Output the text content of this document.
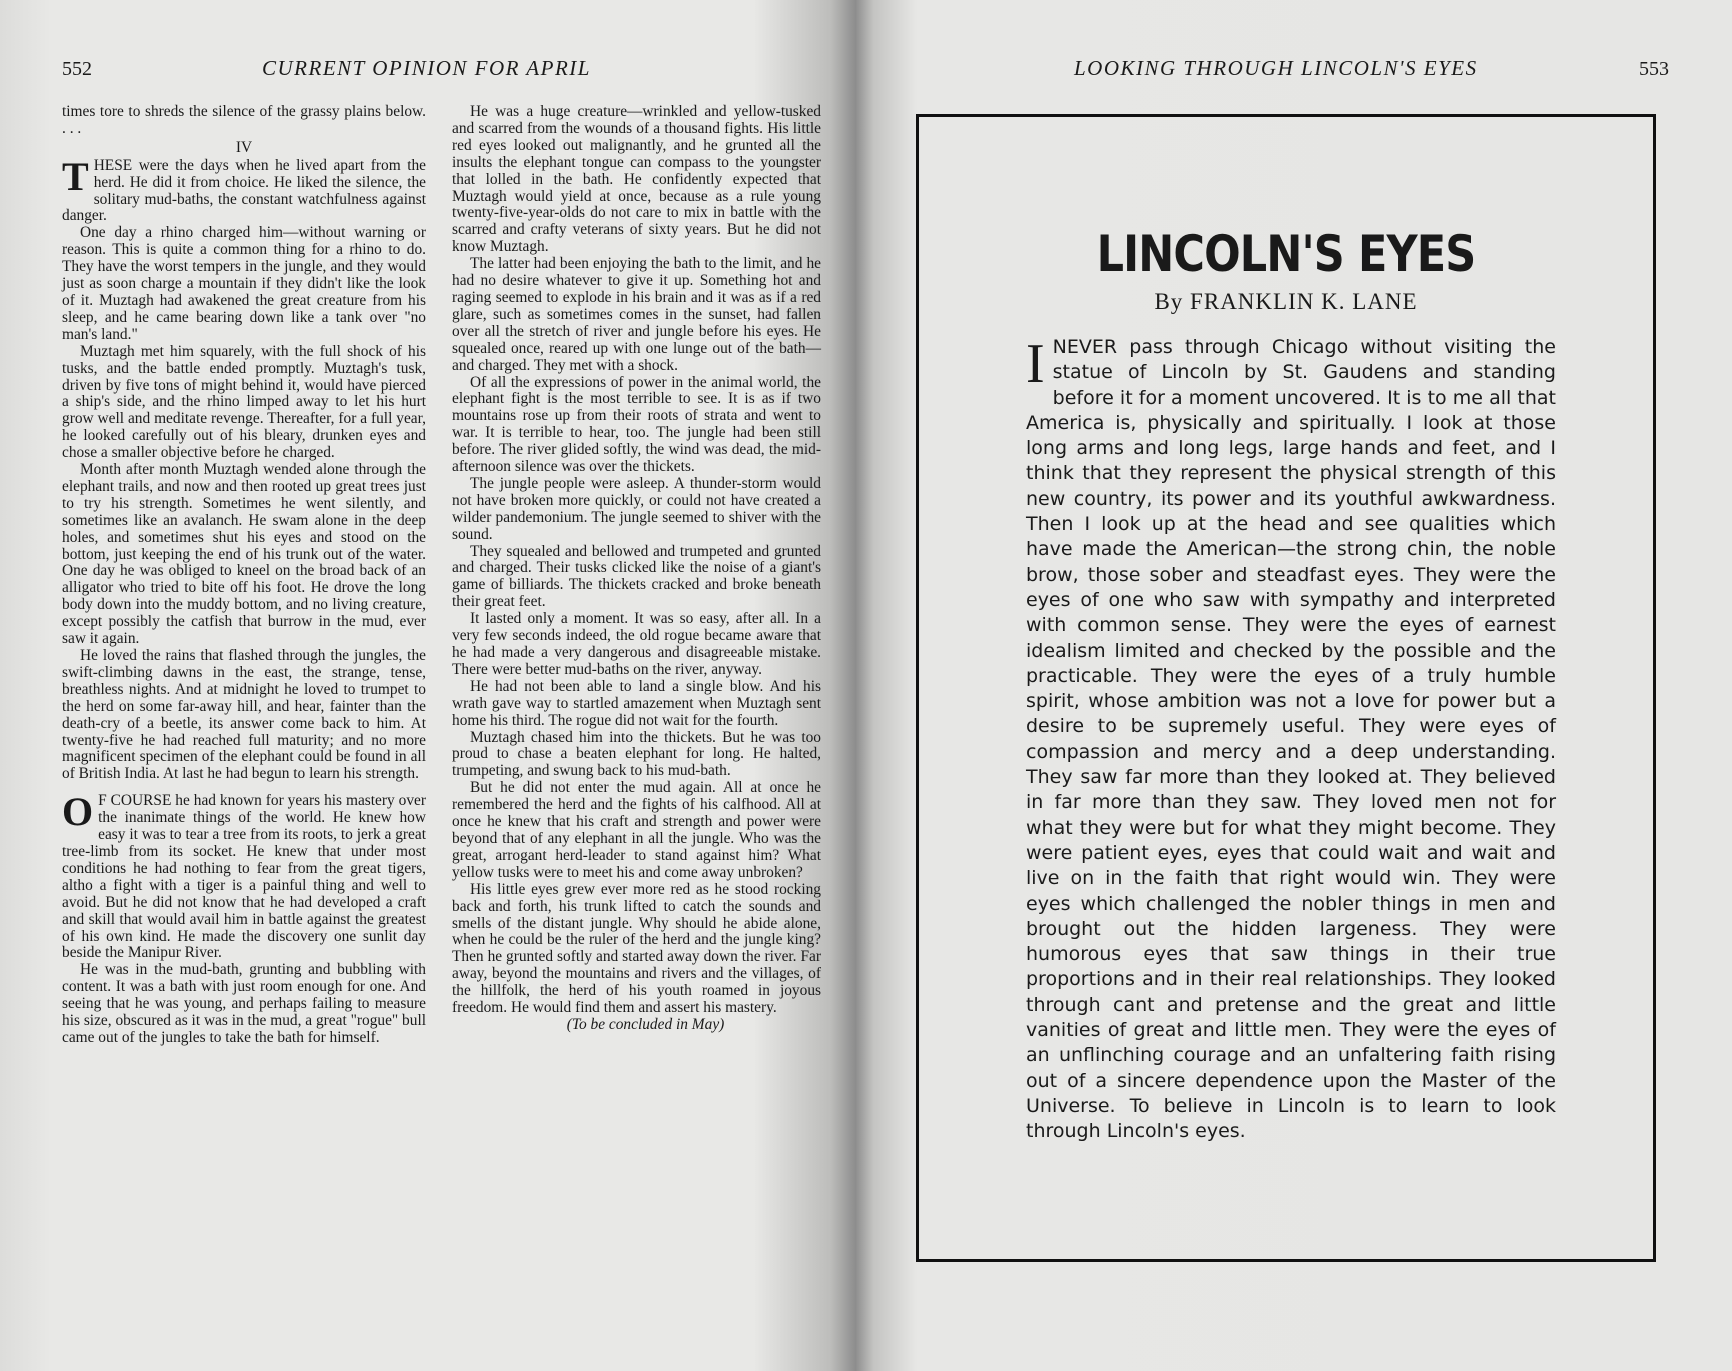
552	CURRENT OPINION FOR APRIL

times tore to shreds the silence of the grassy plains below. . . .

IV

THESE were the days when he lived apart from the herd. He did it from choice. He liked the silence, the solitary mud-baths, the constant watchfulness against danger.

One day a rhino charged him—without warning or reason. This is quite a common thing for a rhino to do. They have the worst tempers in the jungle, and they would just as soon charge a mountain if they didn't like the look of it. Muztagh had awakened the great creature from his sleep, and he came bearing down like a tank over "no man's land."

Muztagh met him squarely, with the full shock of his tusks, and the battle ended promptly. Muztagh's tusk, driven by five tons of might behind it, would have pierced a ship's side, and the rhino limped away to let his hurt grow well and meditate revenge. Thereafter, for a full year, he looked carefully out of his bleary, drunken eyes and chose a smaller objective before he charged.

Month after month Muztagh wended alone through the elephant trails, and now and then rooted up great trees just to try his strength. Sometimes he went silently, and sometimes like an avalanch. He swam alone in the deep holes, and sometimes shut his eyes and stood on the bottom, just keeping the end of his trunk out of the water. One day he was obliged to kneel on the broad back of an alligator who tried to bite off his foot. He drove the long body down into the muddy bottom, and no living creature, except possibly the catfish that burrow in the mud, ever saw it again.

He loved the rains that flashed through the jungles, the swift-climbing dawns in the east, the strange, tense, breathless nights. And at midnight he loved to trumpet to the herd on some far-away hill, and hear, fainter than the death-cry of a beetle, its answer come back to him. At twenty-five he had reached full maturity; and no more magnificent specimen of the elephant could be found in all of British India. At last he had begun to learn his strength.

O F COURSE he had known for years his mastery over the inanimate things of the world. He knew how easy it was to tear a tree from its roots, to jerk a great tree-limb from its socket. He knew that under most conditions he had nothing to fear from the great tigers, altho a fight with a tiger is a painful thing and well to avoid. But he did not know that he had developed a craft and skill that would avail him in battle against the greatest of his own kind. He made the discovery one sunlit day beside the Manipur River.

He was in the mud-bath, grunting and bubbling with content. It was a bath with just room enough for one. And seeing that he was young, and perhaps failing to measure his size, obscured as it was in the mud, a great "rogue" bull came out of the jungles to take the bath for himself.

He was a huge creature—wrinkled and yellow-tusked and scarred from the wounds of a thousand fights. His little red eyes looked out malignantly, and he grunted all the insults the elephant tongue can compass to the youngster that lolled in the bath. He confidently expected that Muztagh would yield at once, because as a rule young twenty-five-year-olds do not care to mix in battle with the scarred and crafty veterans of sixty years. But he did not know Muztagh.

The latter had been enjoying the bath to the limit, and he had no desire whatever to give it up. Something hot and raging seemed to explode in his brain and it was as if a red glare, such as sometimes comes in the sunset, had fallen over all the stretch of river and jungle before his eyes. He squealed once, reared up with one lunge out of the bath—and charged. They met with a shock.

Of all the expressions of power in the animal world, the elephant fight is the most terrible to see. It is as if two mountains rose up from their roots of strata and went to war. It is terrible to hear, too. The jungle had been still before. The river glided softly, the wind was dead, the mid-afternoon silence was over the thickets.

The jungle people were asleep. A thunder-storm would not have broken more quickly, or could not have created a wilder pandemonium. The jungle seemed to shiver with the sound.

They squealed and bellowed and trumpeted and grunted and charged. Their tusks clicked like the noise of a giant's game of billiards. The thickets cracked and broke beneath their great feet.

It lasted only a moment. It was so easy, after all. In a very few seconds indeed, the old rogue became aware that he had made a very dangerous and disagreeable mistake. There were better mud-baths on the river, anyway.

He had not been able to land a single blow. And his wrath gave way to startled amazement when Muztagh sent home his third. The rogue did not wait for the fourth.

Muztagh chased him into the thickets. But he was too proud to chase a beaten elephant for long. He halted, trumpeting, and swung back to his mud-bath.

But he did not enter the mud again. All at once he remembered the herd and the fights of his calfhood. All at once he knew that his craft and strength and power were beyond that of any elephant in all the jungle. Who was the great, arrogant herd-leader to stand against him? What yellow tusks were to meet his and come away unbroken?

His little eyes grew ever more red as he stood rocking back and forth, his trunk lifted to catch the sounds and smells of the distant jungle. Why should he abide alone, when he could be the ruler of the herd and the jungle king? Then he grunted softly and started away down the river. Far away, beyond the mountains and rivers and the villages, of the hillfolk, the herd of his youth roamed in joyous freedom. He would find them and assert his mastery.

(To be concluded in May)

LOOKING THROUGH LINCOLN'S EYES	553
LINCOLN'S EYES
By FRANKLIN K. LANE
INEVER pass through Chicago without visiting the statue of Lincoln by St. Gaudens and standing before it for a moment uncovered. It is to me all that America is, physically and spiritually. I look at those long arms and long legs, large hands and feet, and I think that they represent the physical strength of this new country, its power and its youthful awkwardness. Then I look up at the head and see qualities which have made the American—the strong chin, the noble brow, those sober and steadfast eyes. They were the eyes of one who saw with sympathy and interpreted with common sense. They were the eyes of earnest idealism limited and checked by the possible and the practicable. They were the eyes of a truly humble spirit, whose ambition was not a love for power but a desire to be supremely useful. They were eyes of compassion and mercy and a deep understanding. They saw far more than they looked at. They believed in far more than they saw. They loved men not for what they were but for what they might become. They were patient eyes, eyes that could wait and wait and live on in the faith that right would win. They were eyes which challenged the nobler things in men and brought out the hidden largeness. They were humorous eyes that saw things in their true proportions and in their real relationships. They looked through cant and pretense and the great and little vanities of great and little men. They were the eyes of an unflinching courage and an unfaltering faith rising out of a sincere dependence upon the Master of the Universe. To believe in Lincoln is to learn to look through Lincoln's eyes.
